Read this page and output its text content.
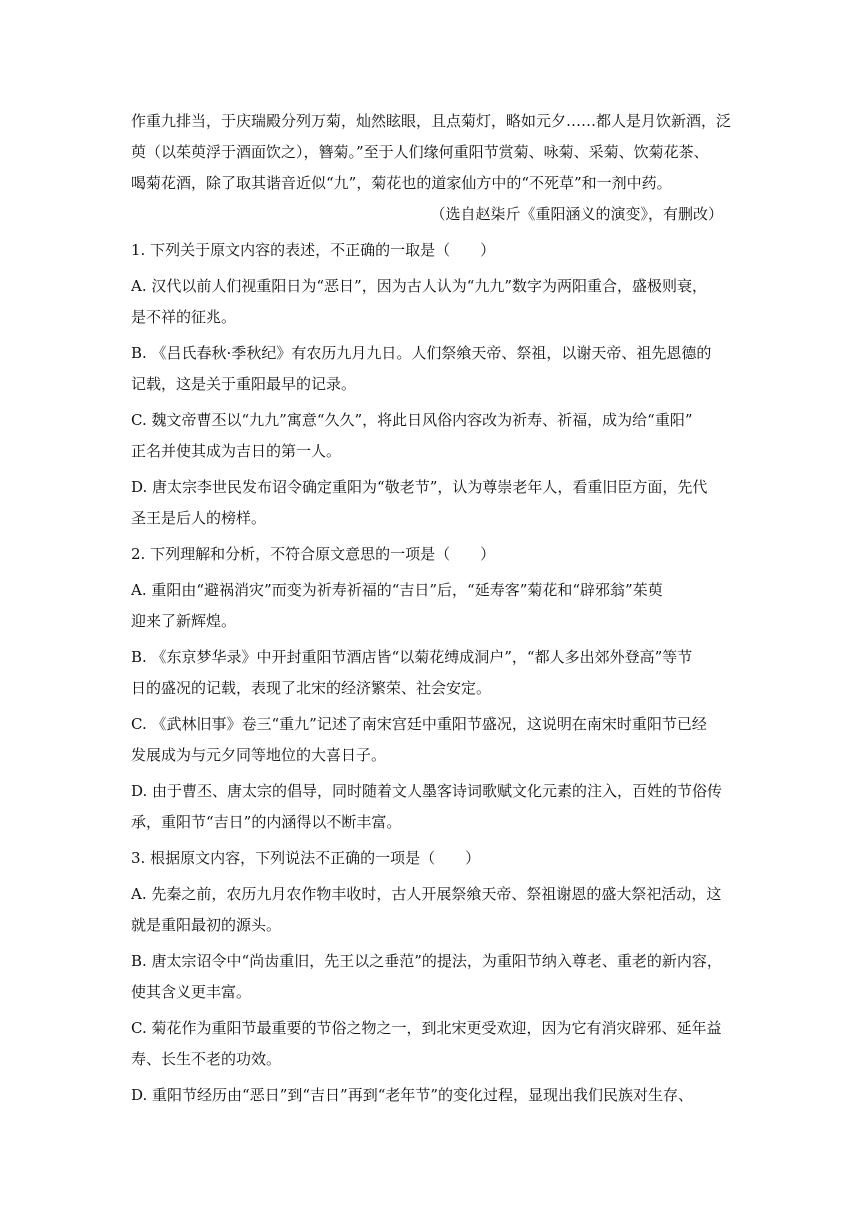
作重九排当，于庆瑞殿分列万菊，灿然眩眼，且点菊灯，略如元夕……都人是月饮新酒，泛
萸（以茱萸浮于酒面饮之），簪菊。”至于人们缘何重阳节赏菊、咏菊、采菊、饮菊花茶、
喝菊花酒，除了取其谐音近似“九”，菊花也的道家仙方中的“不死草”和一剂中药。
（选自赵柒斤《重阳涵义的演变》，有删改）
1. 下列关于原文内容的表述，不正确的一取是（　　）
A. 汉代以前人们视重阳日为“恶日”，因为古人认为“九九”数字为两阳重合，盛极则衰，
是不祥的征兆。
B. 《吕氏春秋·季秋纪》有农历九月九日。人们祭飨天帝、祭祖，以谢天帝、祖先恩德的
记载，这是关于重阳最早的记录。
C. 魏文帝曹丕以“九九”寓意“久久”，将此日风俗内容改为祈寿、祈福，成为给“重阳”
正名并使其成为吉日的第一人。
D. 唐太宗李世民发布诏令确定重阳为“敬老节”，认为尊崇老年人，看重旧臣方面，先代
圣王是后人的榜样。
2. 下列理解和分析，不符合原文意思的一项是（　　）
A. 重阳由“避祸消灾”而变为祈寿祈福的“吉日”后，“延寿客”菊花和“辟邪翁”茱萸
迎来了新辉煌。
B. 《东京梦华录》中开封重阳节酒店皆“以菊花缚成洞户”，“都人多出郊外登高”等节
日的盛况的记载，表现了北宋的经济繁荣、社会安定。
C. 《武林旧事》卷三“重九”记述了南宋宫廷中重阳节盛况，这说明在南宋时重阳节已经
发展成为与元夕同等地位的大喜日子。
D. 由于曹丕、唐太宗的倡导，同时随着文人墨客诗词歌赋文化元素的注入，百姓的节俗传
承，重阳节“吉日”的内涵得以不断丰富。
3. 根据原文内容，下列说法不正确的一项是（　　）
A. 先秦之前，农历九月农作物丰收时，古人开展祭飨天帝、祭祖谢恩的盛大祭祀活动，这
就是重阳最初的源头。
B. 唐太宗诏令中“尚齿重旧，先王以之垂范”的提法，为重阳节纳入尊老、重老的新内容，
使其含义更丰富。
C. 菊花作为重阳节最重要的节俗之物之一，到北宋更受欢迎，因为它有消灾辟邪、延年益
寿、长生不老的功效。
D. 重阳节经历由“恶日”到“吉日”再到“老年节”的变化过程，显现出我们民族对生存、
